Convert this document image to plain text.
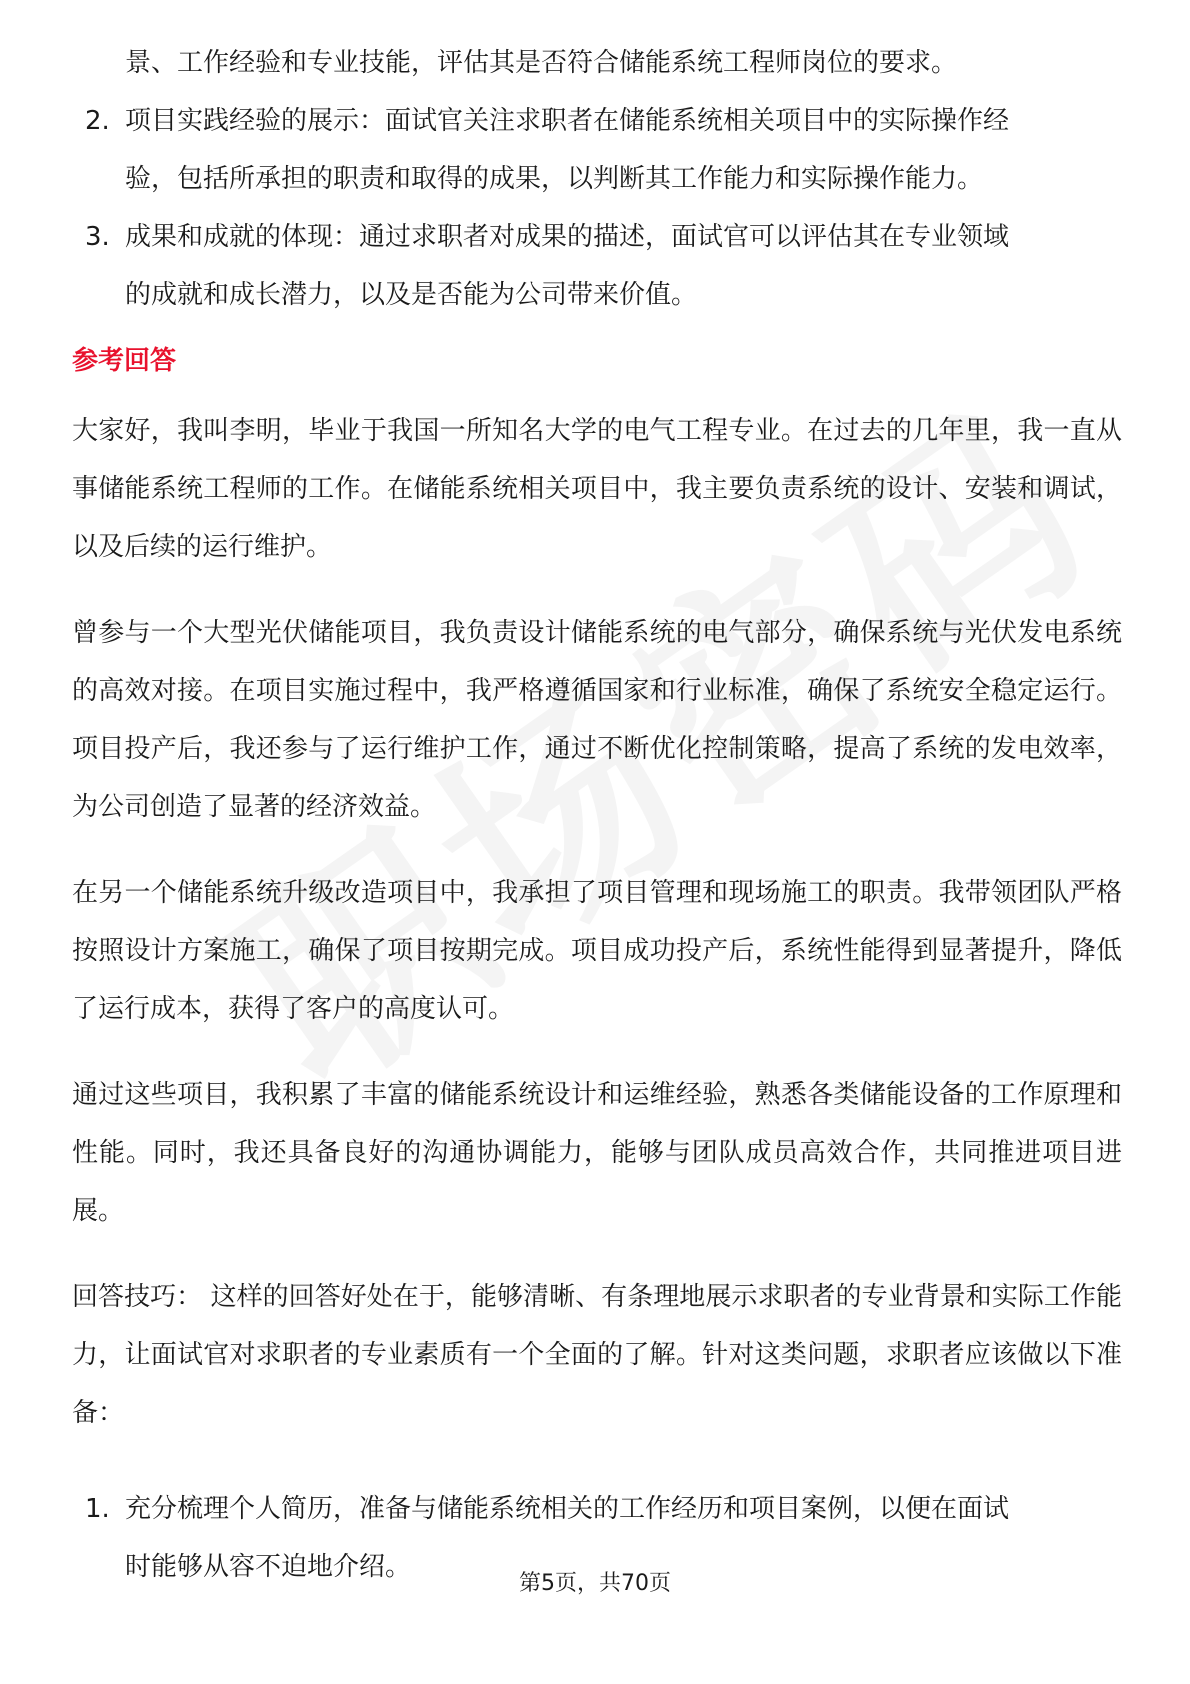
景、工作经验和专业技能，评估其是否符合储能系统工程师岗位的要求。

2. 项目实践经验的展示：面试官关注求职者在储能系统相关项目中的实际操作经
验，包括所承担的职责和取得的成果，以判断其工作能力和实际操作能力。
3. 成果和成就的体现：通过求职者对成果的描述，面试官可以评估其在专业领域
的成就和成长潜力，以及是否能为公司带来价值。
参考回答

大家好，我叫李明，毕业于我国一所知名大学的电气工程专业。在过去的几年里，我一直从事储能系统工程师的工作。在储能系统相关项目中，我主要负责系统的设计、安装和调试，以及后续的运行维护。

曾参与一个大型光伏储能项目，我负责设计储能系统的电气部分，确保系统与光伏发电系统的高效对接。在项目实施过程中，我严格遵循国家和行业标准，确保了系统安全稳定运行。项目投产后，我还参与了运行维护工作，通过不断优化控制策略，提高了系统的发电效率，为公司创造了显著的经济效益。

在另一个储能系统升级改造项目中，我承担了项目管理和现场施工的职责。我带领团队严格按照设计方案施工，确保了项目按期完成。项目成功投产后，系统性能得到显著提升，降低了运行成本，获得了客户的高度认可。

通过这些项目，我积累了丰富的储能系统设计和运维经验，熟悉各类储能设备的工作原理和性能。同时，我还具备良好的沟通协调能力，能够与团队成员高效合作，共同推进项目进展。

回答技巧： 这样的回答好处在于，能够清晰、有条理地展示求职者的专业背景和实际工作能力，让面试官对求职者的专业素质有一个全面的了解。针对这类问题，求职者应该做以下准备：

1. 充分梳理个人简历，准备与储能系统相关的工作经历和项目案例，以便在面试
时能够从容不迫地介绍。
第5页，共70页
